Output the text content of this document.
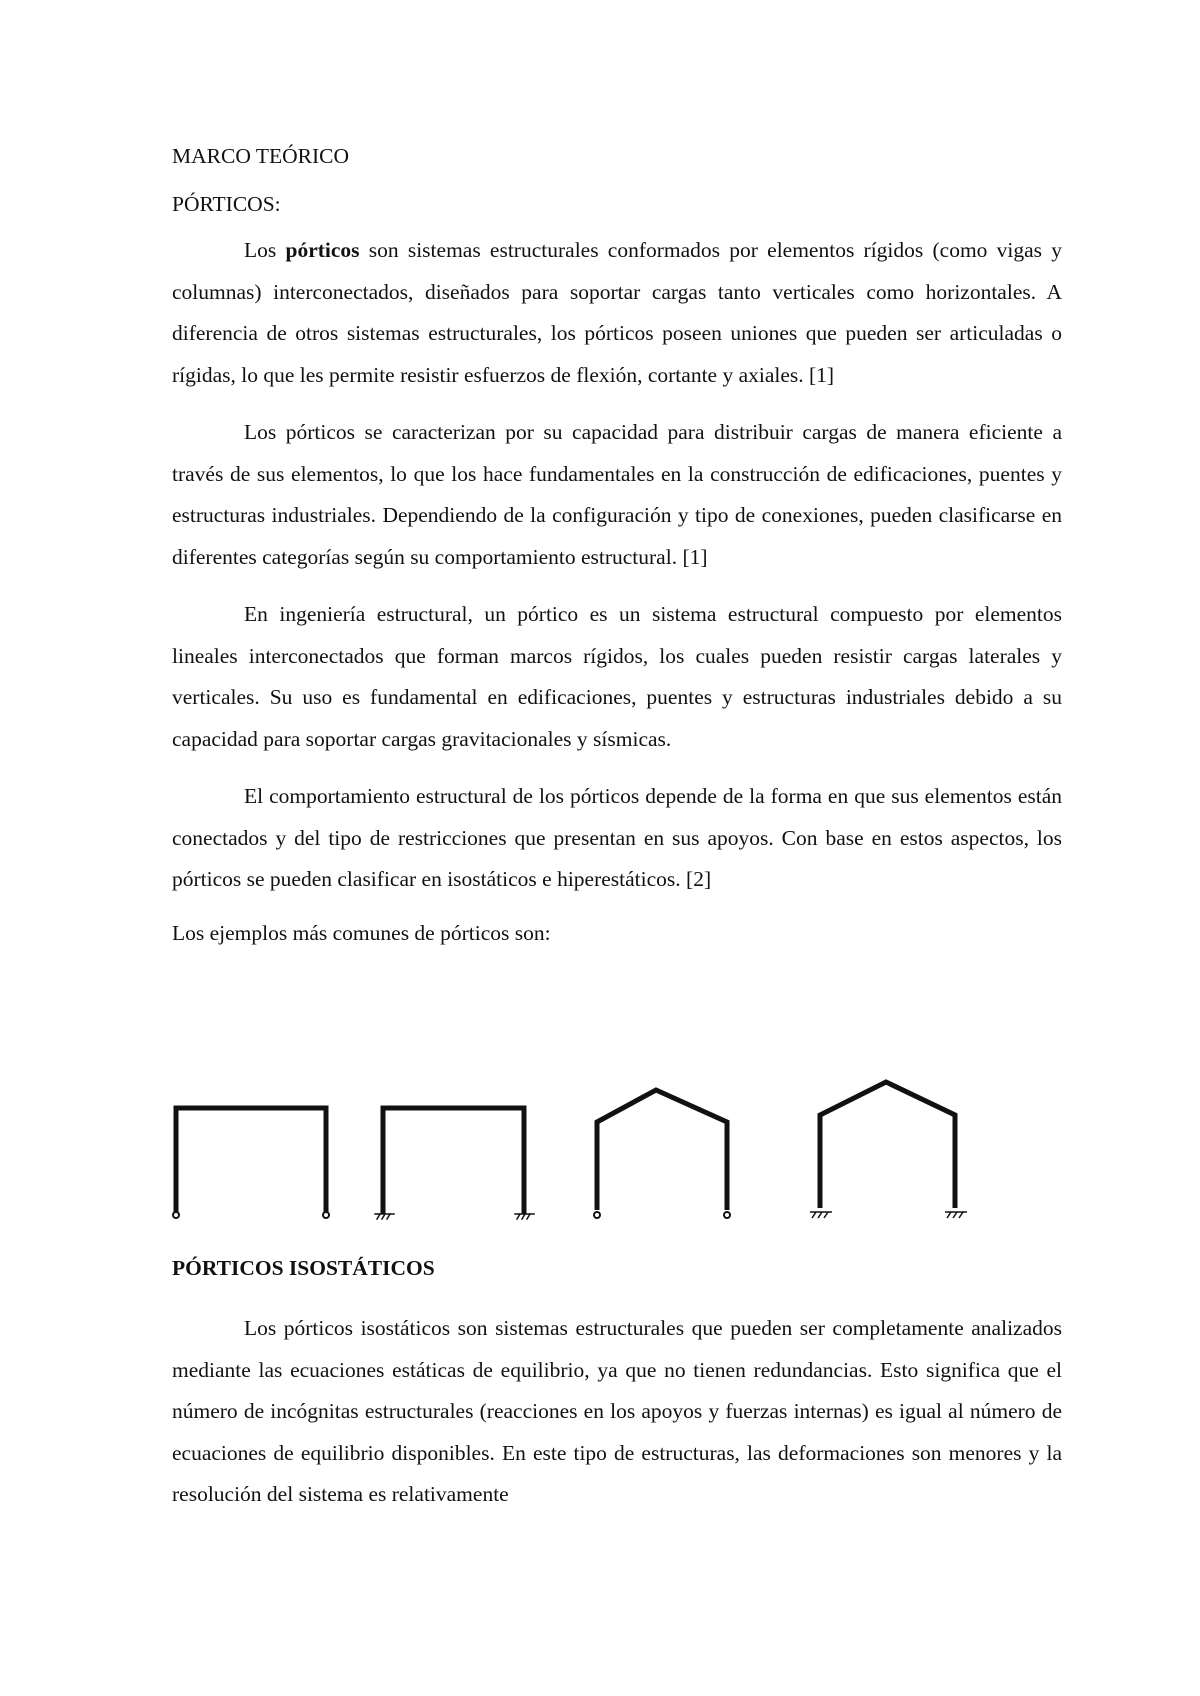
MARCO TEÓRICO
PÓRTICOS:

Los pórticos son sistemas estructurales conformados por elementos rígidos (como vigas y columnas) interconectados, diseñados para soportar cargas tanto verticales como horizontales. A diferencia de otros sistemas estructurales, los pórticos poseen uniones que pueden ser articuladas o rígidas, lo que les permite resistir esfuerzos de flexión, cortante y axiales. [1]

Los pórticos se caracterizan por su capacidad para distribuir cargas de manera eficiente a través de sus elementos, lo que los hace fundamentales en la construcción de edificaciones, puentes y estructuras industriales. Dependiendo de la configuración y tipo de conexiones, pueden clasificarse en diferentes categorías según su comportamiento estructural. [1]

En ingeniería estructural, un pórtico es un sistema estructural compuesto por elementos lineales interconectados que forman marcos rígidos, los cuales pueden resistir cargas laterales y verticales. Su uso es fundamental en edificaciones, puentes y estructuras industriales debido a su capacidad para soportar cargas gravitacionales y sísmicas.

El comportamiento estructural de los pórticos depende de la forma en que sus elementos están conectados y del tipo de restricciones que presentan en sus apoyos. Con base en estos aspectos, los pórticos se pueden clasificar en isostáticos e hiperestáticos. [2]

Los ejemplos más comunes de pórticos son:

PÓRTICOS ISOSTÁTICOS

Los pórticos isostáticos son sistemas estructurales que pueden ser completamente analizados mediante las ecuaciones estáticas de equilibrio, ya que no tienen redundancias. Esto significa que el número de incógnitas estructurales (reacciones en los apoyos y fuerzas internas) es igual al número de ecuaciones de equilibrio disponibles. En este tipo de estructuras, las deformaciones son menores y la resolución del sistema es relativamente
